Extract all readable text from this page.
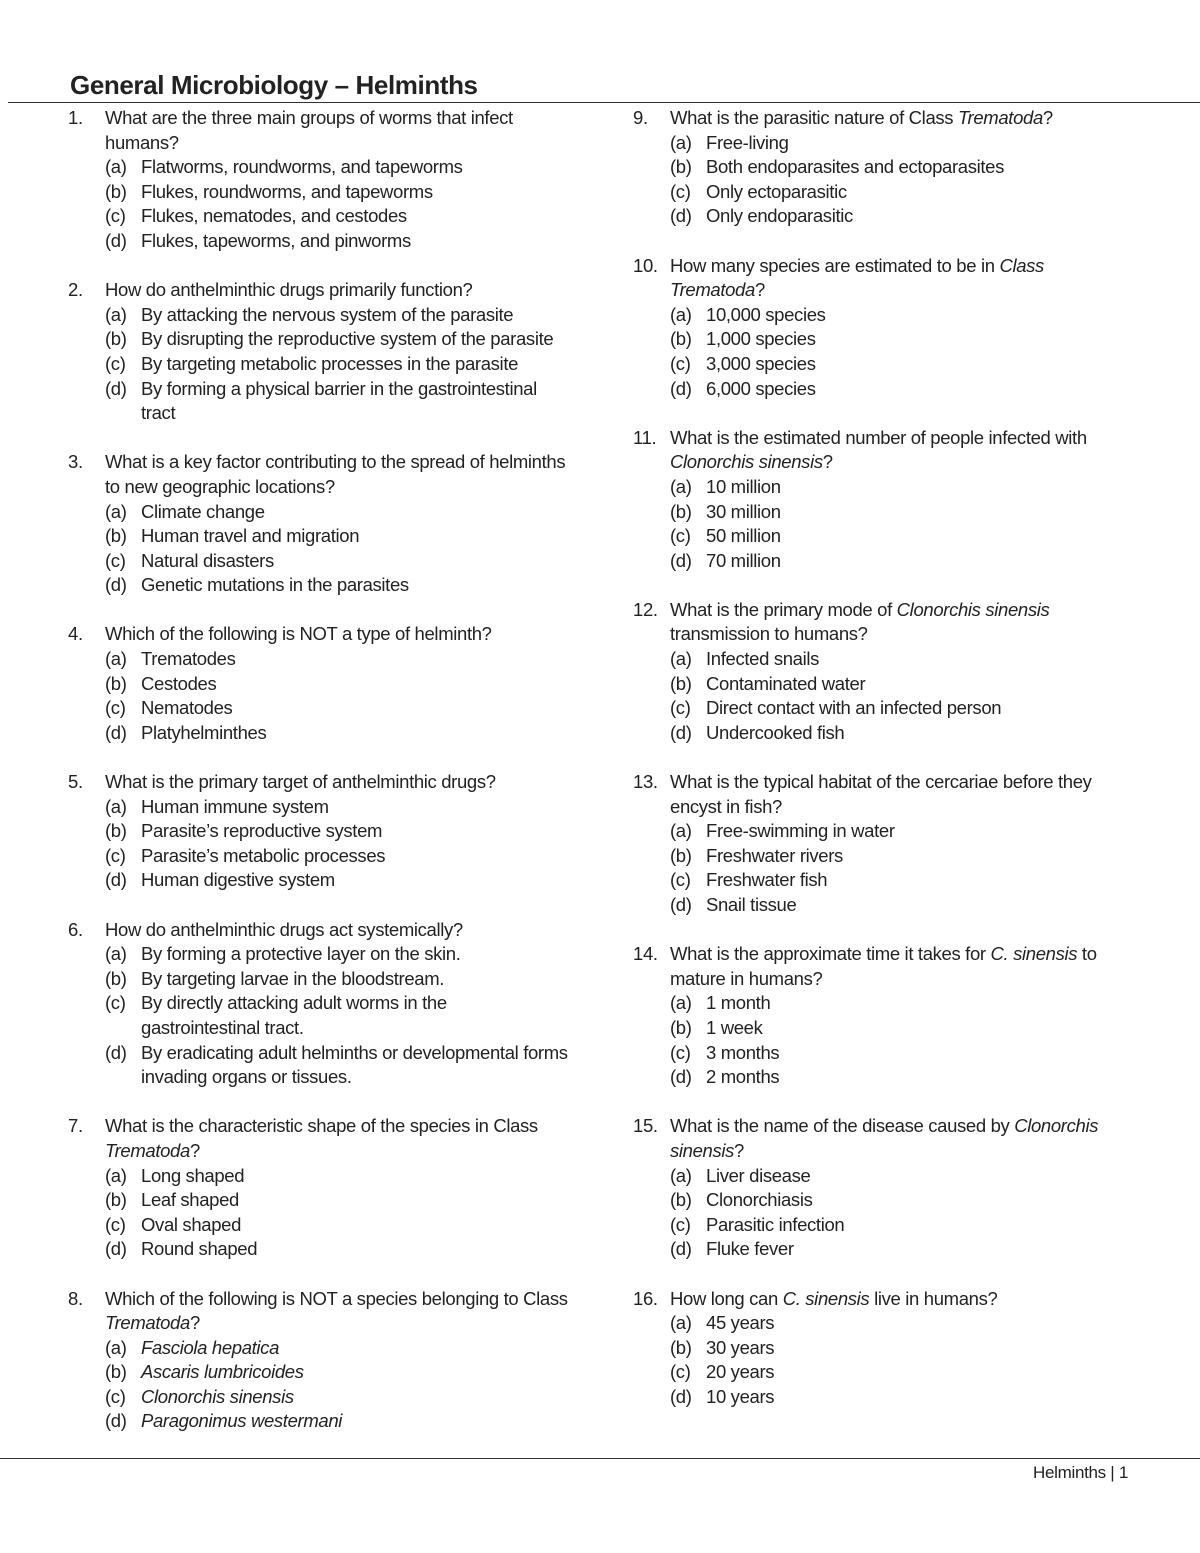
General Microbiology – Helminths
1.	What are the three main groups of worms that infect humans?
(a) Flatworms, roundworms, and tapeworms
(b) Flukes, roundworms, and tapeworms
(c) Flukes, nematodes, and cestodes
(d) Flukes, tapeworms, and pinworms
2.	How do anthelminthic drugs primarily function?
(a) By attacking the nervous system of the parasite
(b) By disrupting the reproductive system of the parasite
(c) By targeting metabolic processes in the parasite
(d) By forming a physical barrier in the gastrointestinal tract
3.	What is a key factor contributing to the spread of helminths to new geographic locations?
(a) Climate change
(b) Human travel and migration
(c) Natural disasters
(d) Genetic mutations in the parasites
4.	Which of the following is NOT a type of helminth?
(a) Trematodes
(b) Cestodes
(c) Nematodes
(d) Platyhelminthes
5.	What is the primary target of anthelminthic drugs?
(a) Human immune system
(b) Parasite’s reproductive system
(c) Parasite’s metabolic processes
(d) Human digestive system
6.	How do anthelminthic drugs act systemically?
(a) By forming a protective layer on the skin.
(b) By targeting larvae in the bloodstream.
(c) By directly attacking adult worms in the gastrointestinal tract.
(d) By eradicating adult helminths or developmental forms invading organs or tissues.
7.	What is the characteristic shape of the species in Class Trematoda?
(a) Long shaped
(b) Leaf shaped
(c) Oval shaped
(d) Round shaped
8.	Which of the following is NOT a species belonging to Class Trematoda?
(a) Fasciola hepatica
(b) Ascaris lumbricoides
(c) Clonorchis sinensis
(d) Paragonimus westermani
9.	What is the parasitic nature of Class Trematoda?
(a) Free-living
(b) Both endoparasites and ectoparasites
(c) Only ectoparasitic
(d) Only endoparasitic
10. How many species are estimated to be in Class Trematoda?
(a) 10,000 species
(b) 1,000 species
(c) 3,000 species
(d) 6,000 species
11. What is the estimated number of people infected with Clonorchis sinensis?
(a) 10 million
(b) 30 million
(c) 50 million
(d) 70 million
12. What is the primary mode of Clonorchis sinensis transmission to humans?
(a) Infected snails
(b) Contaminated water
(c) Direct contact with an infected person
(d) Undercooked fish
13. What is the typical habitat of the cercariae before they encyst in fish?
(a) Free-swimming in water
(b) Freshwater rivers
(c) Freshwater fish
(d) Snail tissue
14. What is the approximate time it takes for C. sinensis to mature in humans?
(a) 1 month
(b) 1 week
(c) 3 months
(d) 2 months
15. What is the name of the disease caused by Clonorchis sinensis?
(a) Liver disease
(b) Clonorchiasis
(c) Parasitic infection
(d) Fluke fever
16. How long can C. sinensis live in humans?
(a) 45 years
(b) 30 years
(c) 20 years
(d) 10 years
Helminths | 1
